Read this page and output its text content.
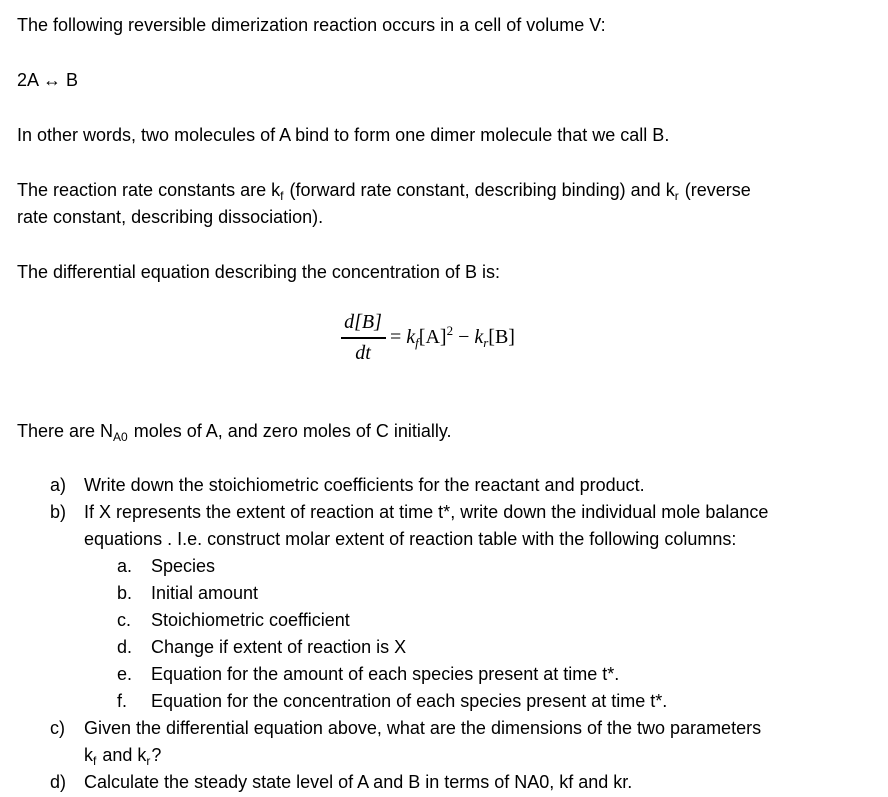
The following reversible dimerization reaction occurs in a cell of volume V:
2A ↔ B
In other words, two molecules of A bind to form one dimer molecule that we call B.
The reaction rate constants are $k_f$ (forward rate constant, describing binding) and $k_r$ (reverse
rate constant, describing dissociation).
The differential equation describing the concentration of B is:
d[B]
dt
= $k_f[A]^2 - k_r[B]$
There are $N_{A0}$ moles of A, and zero moles of C initially.
a) Write down the stoichiometric coefficients for the reactant and product.
b) If X represents the extent of reaction at time t*, write down the individual mole balance
equations . I.e. construct molar extent of reaction table with the following columns:
a.	Species
b.	Initial amount
c.	Stoichiometric coefficient
d.	Change if extent of reaction is X
e.	Equation for the amount of each species present at time t*.
f.	Equation for the concentration of each species present at time t*.
c)	Given the differential equation above, what are the dimensions of the two parameters
$k_f$ and $k_r$?
d) Calculate the steady state level of A and B in terms of NA0, kf and kr.
